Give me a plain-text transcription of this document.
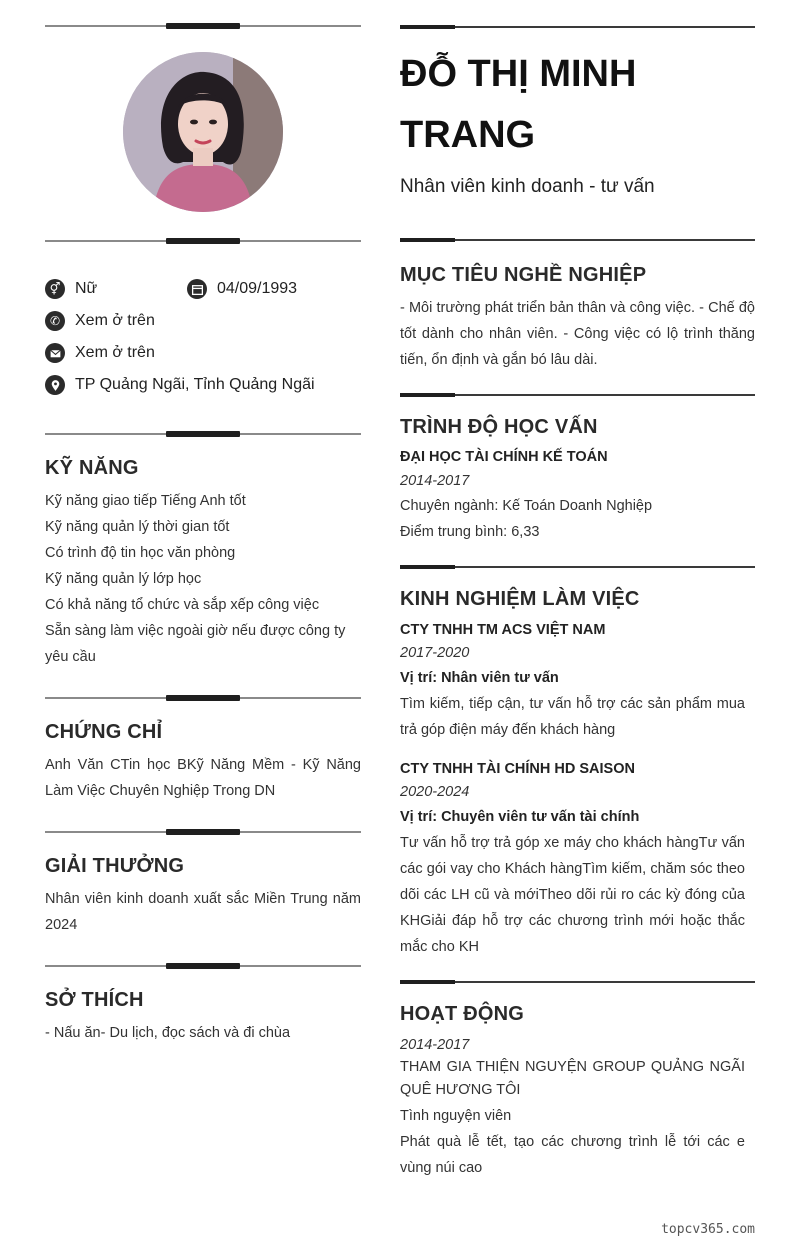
⚥ Nữ	04/09/1993
✆ Xem ở trên
Xem ở trên
TP Quảng Ngãi, Tỉnh Quảng Ngãi
KỸ NĂNG
Kỹ năng giao tiếp Tiếng Anh tốt
Kỹ năng quản lý thời gian tốt
Có trình độ tin học văn phòng
Kỹ năng quản lý lớp học
Có khả năng tổ chức và sắp xếp công việc
Sẵn sàng làm việc ngoài giờ nếu được công ty yêu cầu
CHỨNG CHỈ
Anh Văn CTin học BKỹ Năng Mềm - Kỹ Năng Làm Việc Chuyên Nghiệp Trong DN
GIẢI THƯỞNG
Nhân viên kinh doanh xuất sắc Miền Trung năm 2024
SỞ THÍCH
- Nấu ăn- Du lịch, đọc sách và đi chùa
ĐỖ THỊ MINH TRANG
Nhân viên kinh doanh - tư vấn
MỤC TIÊU NGHỀ NGHIỆP
- Môi trường phát triển bản thân và công việc. - Chế độ tốt dành cho nhân viên. - Công việc có lộ trình thăng tiến, ổn định và gắn bó lâu dài.
TRÌNH ĐỘ HỌC VẤN
ĐẠI HỌC TÀI CHÍNH KẾ TOÁN
2014-2017
Chuyên ngành: Kế Toán Doanh Nghiệp
Điểm trung bình: 6,33
KINH NGHIỆM LÀM VIỆC
CTY TNHH TM ACS VIỆT NAM
2017-2020
Vị trí: Nhân viên tư vấn
Tìm kiếm, tiếp cận, tư vấn hỗ trợ các sản phẩm mua trả góp điện máy đến khách hàng
CTY TNHH TÀI CHÍNH HD SAISON
2020-2024
Vị trí: Chuyên viên tư vấn tài chính
Tư vấn hỗ trợ trả góp xe máy cho khách hàngTư vấn các gói vay cho Khách hàngTìm kiếm, chăm sóc theo dõi các LH cũ và mớiTheo dõi rủi ro các kỳ đóng của KHGiải đáp hỗ trợ các chương trình mới hoặc thắc mắc cho KH
HOẠT ĐỘNG
2014-2017
THAM GIA THIỆN NGUYỆN GROUP QUẢNG NGÃI QUÊ HƯƠNG TÔI
Tình nguyện viên
Phát quà lễ tết, tạo các chương trình lễ tới các e vùng núi cao
topcv365.com
